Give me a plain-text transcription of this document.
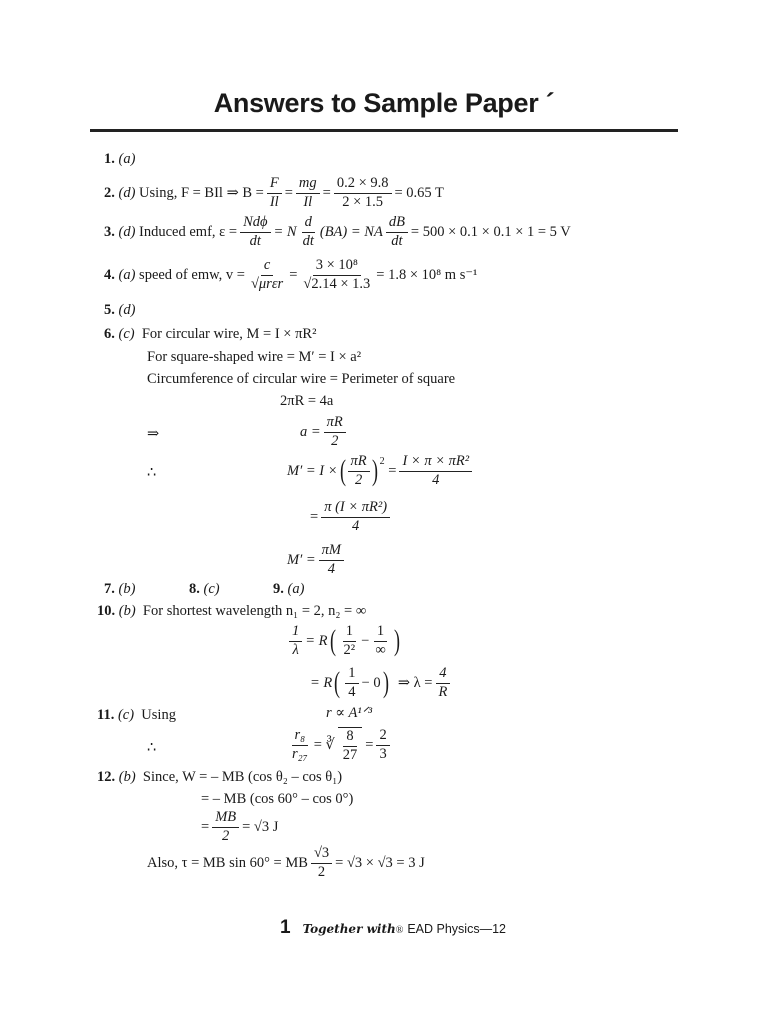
Answers to Sample Paper ´
1. (a)
2.
(d)
Using, F = BIl ⇒ $B = \frac{F}{Il} = \frac{mg}{Il} = \frac{0.2 \times 9.8}{2 \times 1.5} = 0.65$ T
3.
(d)
Induced emf, $\varepsilon = \frac{\text{Ndϕ}}{dt} = N \frac{d}{dt} (BA)$ = NA $\frac{dB}{dt} = 500 \times 0.1 \times 0.1 \times 1 = 5$ V
4.
(a)
speed of emw, $v = \frac{c}{\text{√μrεr}} = \frac{\text{3 × 10⁸}}{√2.14 \times 1.3} = 1.8 \times 10^8$ m s⁻¹
5. (d)
6. (c) For circular wire, M = I × πR²
For square-shaped wire = M′ = I × a²
Circumference of circular wire = Perimeter of square
2πR = 4a
⇒	$a = \frac{\pi R}{2}$
∴	M′ = I × ( $\frac{\pi R}{2}$ ) 2

= $\frac{\text{I × π × πR²}}{4}$
= $\frac{\text{π (I × πR²)}}{4}$
$M' = \frac{\pi M}{4}$
7. (b)	8. (c)	9. (a)
10. (b) For shortest wavelength n₁ = 2, n₂ = ∞
$\frac{1}{\lambda} = R$ ( $\frac{1}{\text{2²}} - \frac{1}{\infty}$ )
= R ( $\frac{1}{4} - 0$ )
⇒ $\lambda = \frac{4}{R}$
11. (c) Using	r ∝ A¹ᐟ³
∴	$\frac{\text{r₈}}{\text{r₂₇}}$ = ∛ $\frac{8}{27} = \frac{2}{3}$
12. (b) Since, W = – MB (cos θ₂ – cos θ₁)
= – MB (cos 60° – cos 0°)
= $\frac{MB}{2} = √3$ J
Also, τ = MB sin 60° = MB $\frac{√3}{2} = √3 \times √3 = 3$ J
1 Together with ® EAD Physics—12
